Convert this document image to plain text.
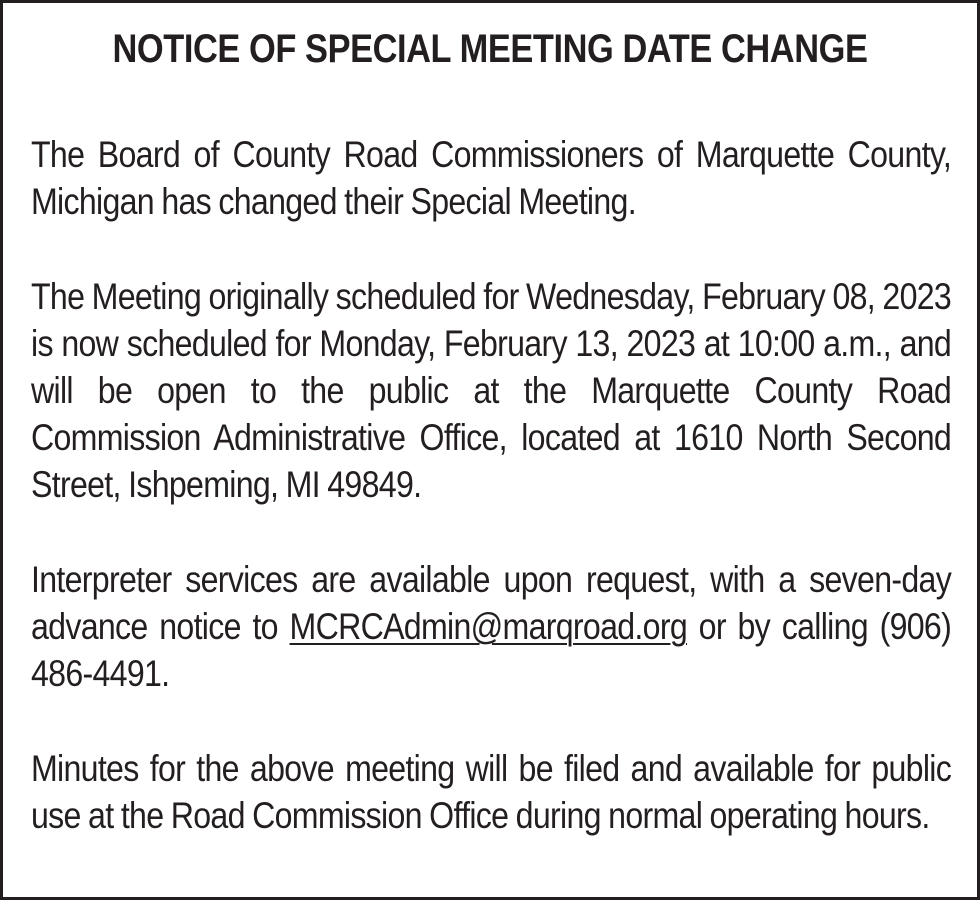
NOTICE OF SPECIAL MEETING DATE CHANGE

The Board of County Road Commissioners of Marquette County, Michigan has changed their Special Meeting.

The Meeting originally scheduled for Wednesday, February 08, 2023 is now scheduled for Monday, February 13, 2023 at 10:00 a.m., and will be open to the public at the Marquette County Road Commission Administrative Office, located at 1610 North Second Street, Ishpeming, MI 49849.

Interpreter services are available upon request, with a seven-day advance notice to MCRCAdmin@marqroad.org or by calling (906) 486-4491.

Minutes for the above meeting will be filed and available for public use at the Road Commission Office during normal operating hours.
